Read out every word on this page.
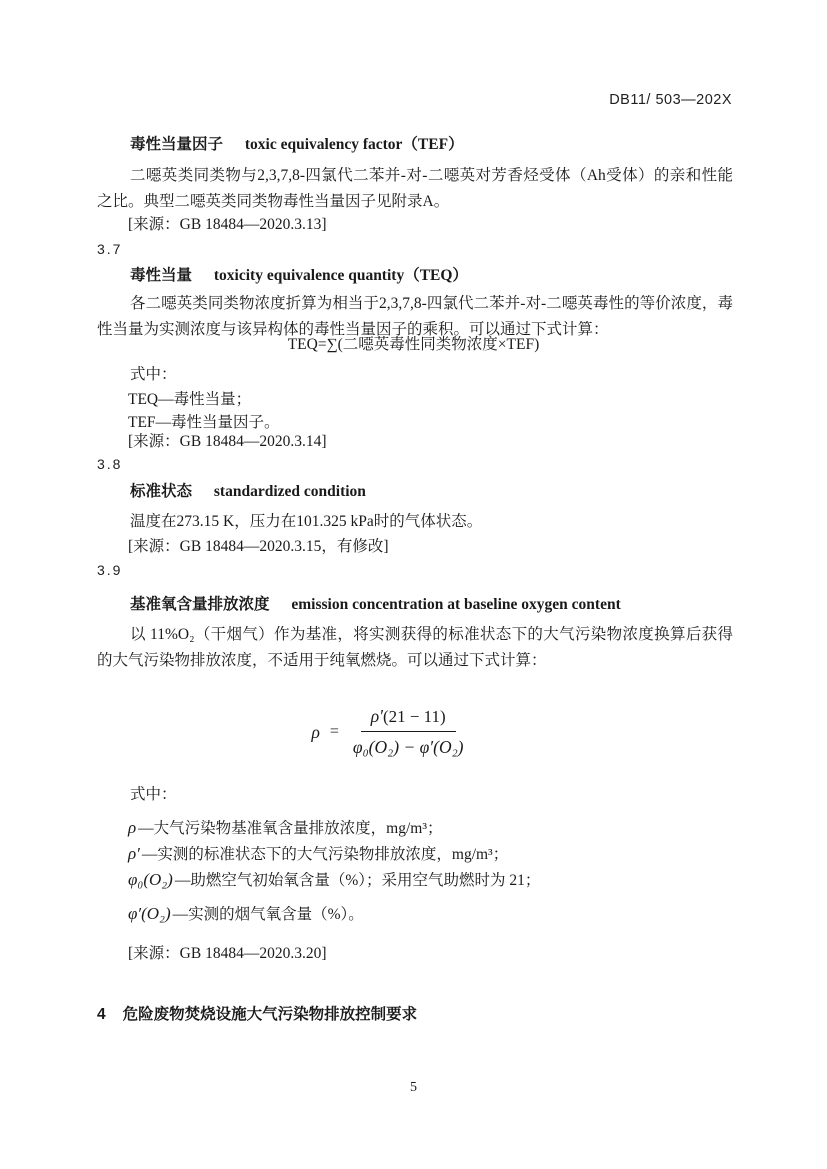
DB11/ 503—202X
毒性当量因子 toxic equivalency factor（TEF）
二噁英类同类物与2,3,7,8-四氯代二苯并-对-二噁英对芳香烃受体（Ah受体）的亲和性能之比。典型二噁英类同类物毒性当量因子见附录A。
[来源：GB 18484—2020.3.13]
3.7
毒性当量 toxicity equivalence quantity（TEQ）
各二噁英类同类物浓度折算为相当于2,3,7,8-四氯代二苯并-对-二噁英毒性的等价浓度，毒性当量为实测浓度与该异构体的毒性当量因子的乘积。可以通过下式计算：
TEQ=∑(二噁英毒性同类物浓度×TEF)
式中：
TEQ—毒性当量；
TEF—毒性当量因子。
[来源：GB 18484—2020.3.14]
3.8
标准状态 standardized condition
温度在273.15 K，压力在101.325 kPa时的气体状态。
[来源：GB 18484—2020.3.15，有修改]
3.9
基准氧含量排放浓度 emission concentration at baseline oxygen content
以 11%O₂（干烟气）作为基准，将实测获得的标准状态下的大气污染物浓度换算后获得的大气污染物排放浓度，不适用于纯氧燃烧。可以通过下式计算：
$\rho = \frac{\rho'(21 - 11)}{\text{φ₀(O₂) − φ′(O₂)}}$
式中：
ρ —大气污染物基准氧含量排放浓度，mg/m³；
ρ′ —实测的标准状态下的大气污染物排放浓度，mg/m³；
φ₀(O₂) —助燃空气初始氧含量（%）；采用空气助燃时为 21；
φ′(O₂) —实测的烟气氧含量（%）。
[来源：GB 18484—2020.3.20]
4 危险废物焚烧设施大气污染物排放控制要求
5
